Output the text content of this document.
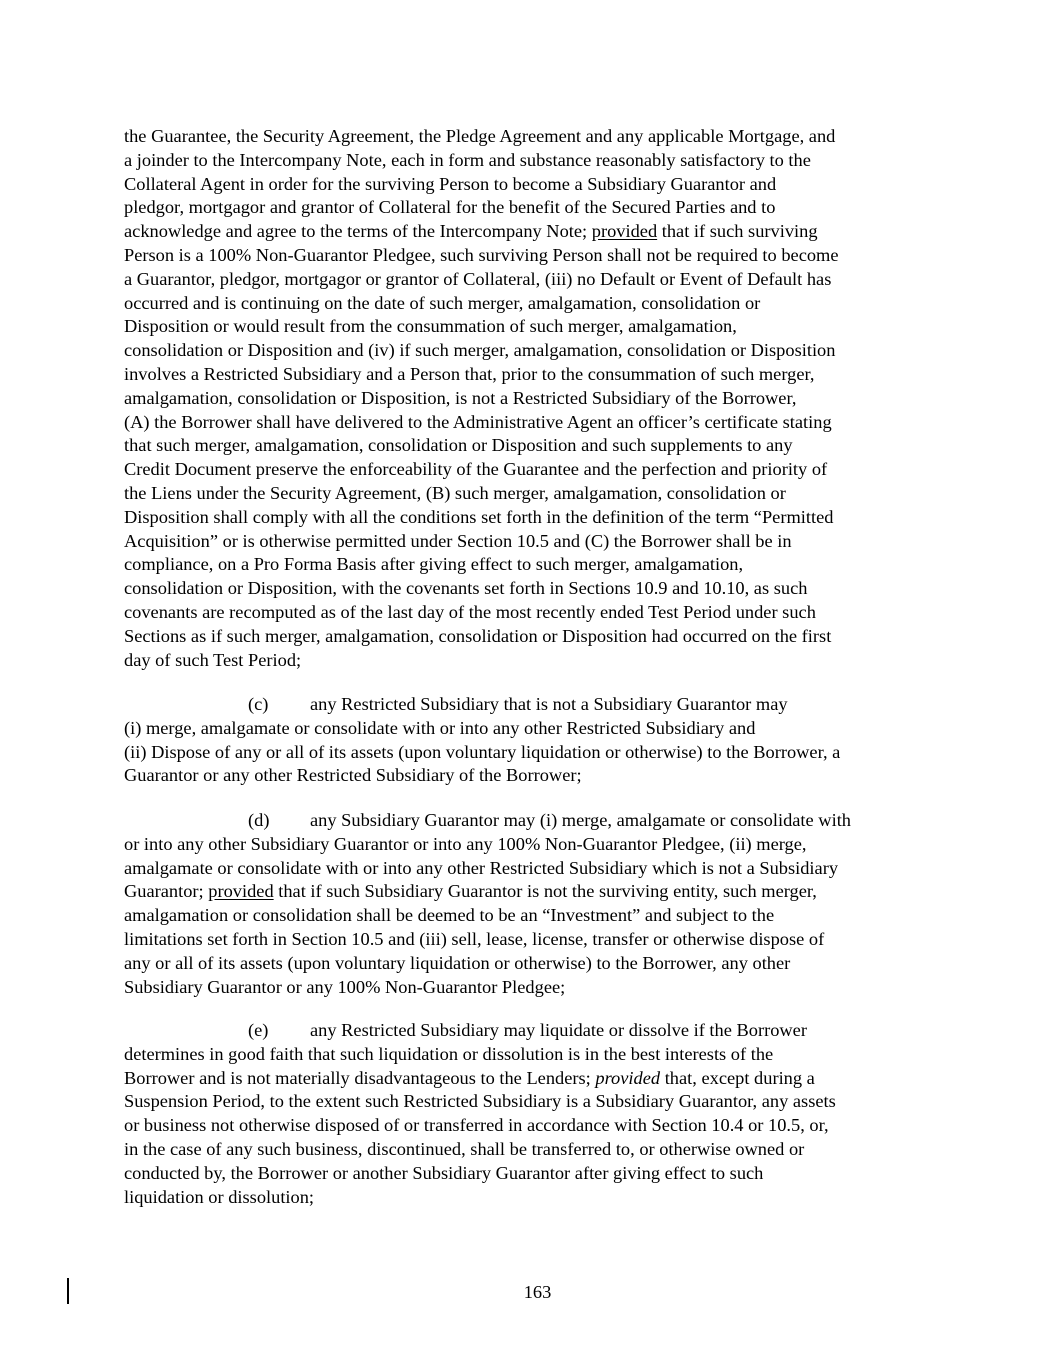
the Guarantee, the Security Agreement, the Pledge Agreement and any applicable Mortgage, and
a joinder to the Intercompany Note, each in form and substance reasonably satisfactory to the
Collateral Agent in order for the surviving Person to become a Subsidiary Guarantor and
pledgor, mortgagor and grantor of Collateral for the benefit of the Secured Parties and to
acknowledge and agree to the terms of the Intercompany Note; provided that if such surviving
Person is a 100% Non-Guarantor Pledgee, such surviving Person shall not be required to become
a Guarantor, pledgor, mortgagor or grantor of Collateral, (iii) no Default or Event of Default has
occurred and is continuing on the date of such merger, amalgamation, consolidation or
Disposition or would result from the consummation of such merger, amalgamation,
consolidation or Disposition and (iv) if such merger, amalgamation, consolidation or Disposition
involves a Restricted Subsidiary and a Person that, prior to the consummation of such merger,
amalgamation, consolidation or Disposition, is not a Restricted Subsidiary of the Borrower,
(A) the Borrower shall have delivered to the Administrative Agent an officer’s certificate stating
that such merger, amalgamation, consolidation or Disposition and such supplements to any
Credit Document preserve the enforceability of the Guarantee and the perfection and priority of
the Liens under the Security Agreement, (B) such merger, amalgamation, consolidation or
Disposition shall comply with all the conditions set forth in the definition of the term “Permitted
Acquisition” or is otherwise permitted under Section 10.5 and (C) the Borrower shall be in
compliance, on a Pro Forma Basis after giving effect to such merger, amalgamation,
consolidation or Disposition, with the covenants set forth in Sections 10.9 and 10.10, as such
covenants are recomputed as of the last day of the most recently ended Test Period under such
Sections as if such merger, amalgamation, consolidation or Disposition had occurred on the first
day of such Test Period;
(c) any Restricted Subsidiary that is not a Subsidiary Guarantor may
(i) merge, amalgamate or consolidate with or into any other Restricted Subsidiary and
(ii) Dispose of any or all of its assets (upon voluntary liquidation or otherwise) to the Borrower, a
Guarantor or any other Restricted Subsidiary of the Borrower;
(d) any Subsidiary Guarantor may (i) merge, amalgamate or consolidate with
or into any other Subsidiary Guarantor or into any 100% Non-Guarantor Pledgee, (ii) merge,
amalgamate or consolidate with or into any other Restricted Subsidiary which is not a Subsidiary
Guarantor; provided that if such Subsidiary Guarantor is not the surviving entity, such merger,
amalgamation or consolidation shall be deemed to be an “Investment” and subject to the
limitations set forth in Section 10.5 and (iii) sell, lease, license, transfer or otherwise dispose of
any or all of its assets (upon voluntary liquidation or otherwise) to the Borrower, any other
Subsidiary Guarantor or any 100% Non-Guarantor Pledgee;
(e) any Restricted Subsidiary may liquidate or dissolve if the Borrower
determines in good faith that such liquidation or dissolution is in the best interests of the
Borrower and is not materially disadvantageous to the Lenders; provided that, except during a
Suspension Period, to the extent such Restricted Subsidiary is a Subsidiary Guarantor, any assets
or business not otherwise disposed of or transferred in accordance with Section 10.4 or 10.5, or,
in the case of any such business, discontinued, shall be transferred to, or otherwise owned or
conducted by, the Borrower or another Subsidiary Guarantor after giving effect to such
liquidation or dissolution;
163
